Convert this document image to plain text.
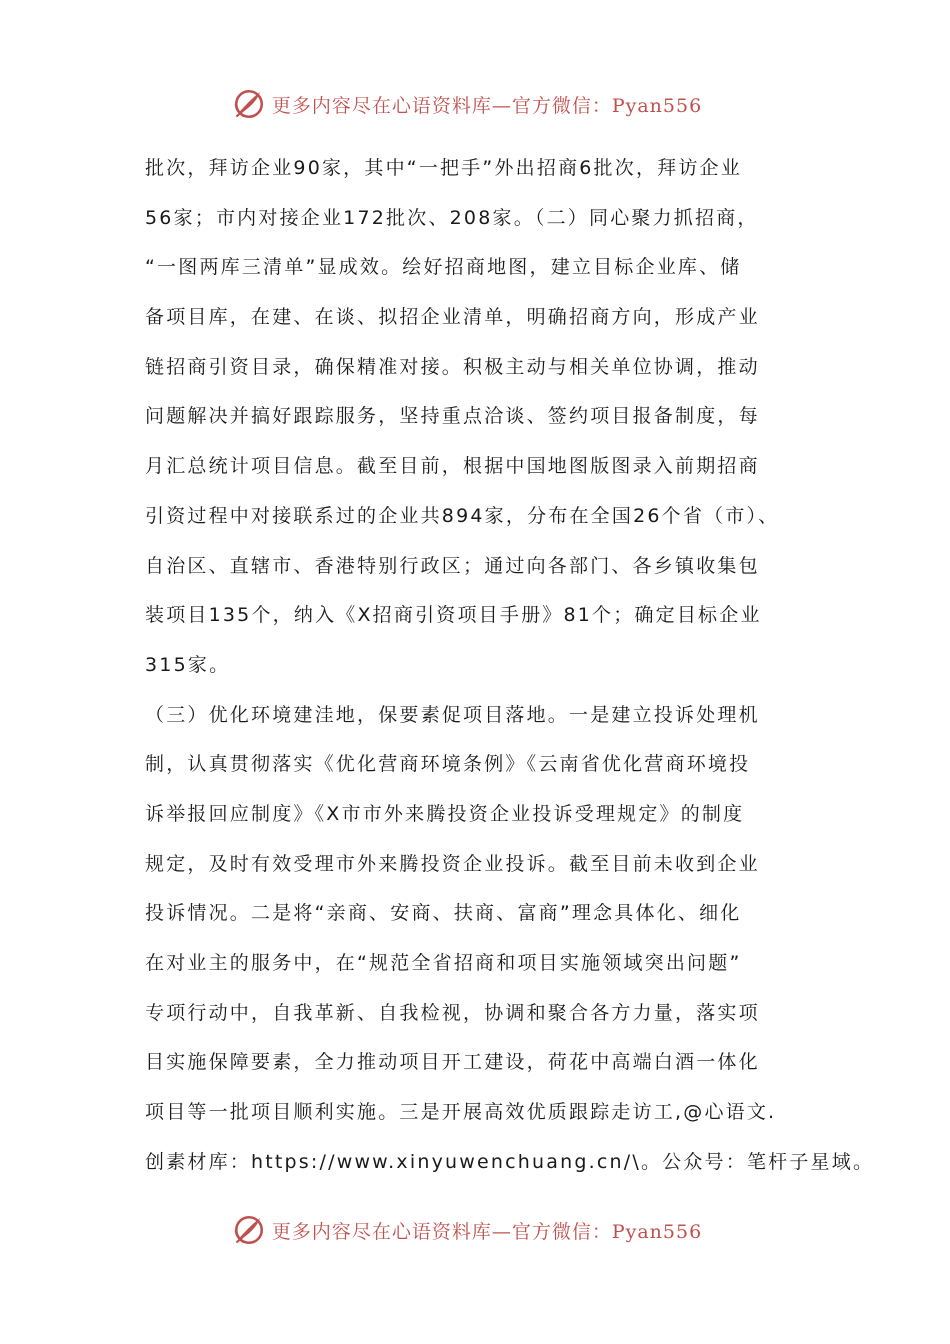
更多内容尽在心语资料库—官方微信：Pyan556
批次，拜访企业90家，其中“一把手”外出招商6批次，拜访企业
56家；市内对接企业172批次、208家。（二）同心聚力抓招商，
“一图两库三清单”显成效。绘好招商地图，建立目标企业库、储
备项目库，在建、在谈、拟招企业清单，明确招商方向，形成产业
链招商引资目录，确保精准对接。积极主动与相关单位协调，推动
问题解决并搞好跟踪服务，坚持重点洽谈、签约项目报备制度，每
月汇总统计项目信息。截至目前，根据中国地图版图录入前期招商
引资过程中对接联系过的企业共894家，分布在全国26个省（市）、
自治区、直辖市、香港特别行政区；通过向各部门、各乡镇收集包
装项目135个，纳入《X招商引资项目手册》81个；确定目标企业
315家。
（三）优化环境建洼地，保要素促项目落地。一是建立投诉处理机
制，认真贯彻落实《优化营商环境条例》《云南省优化营商环境投
诉举报回应制度》《X市市外来腾投资企业投诉受理规定》的制度
规定，及时有效受理市外来腾投资企业投诉。截至目前未收到企业
投诉情况。二是将“亲商、安商、扶商、富商”理念具体化、细化
在对业主的服务中，在“规范全省招商和项目实施领域突出问题”
专项行动中，自我革新、自我检视，协调和聚合各方力量，落实项
目实施保障要素，全力推动项目开工建设，荷花中高端白酒一体化
项目等一批项目顺利实施。三是开展高效优质跟踪走访工,@心语文.
创素材库：https://www.xinyuwenchuang.cn/\。公众号：笔杆子星域。
更多内容尽在心语资料库—官方微信：Pyan556
